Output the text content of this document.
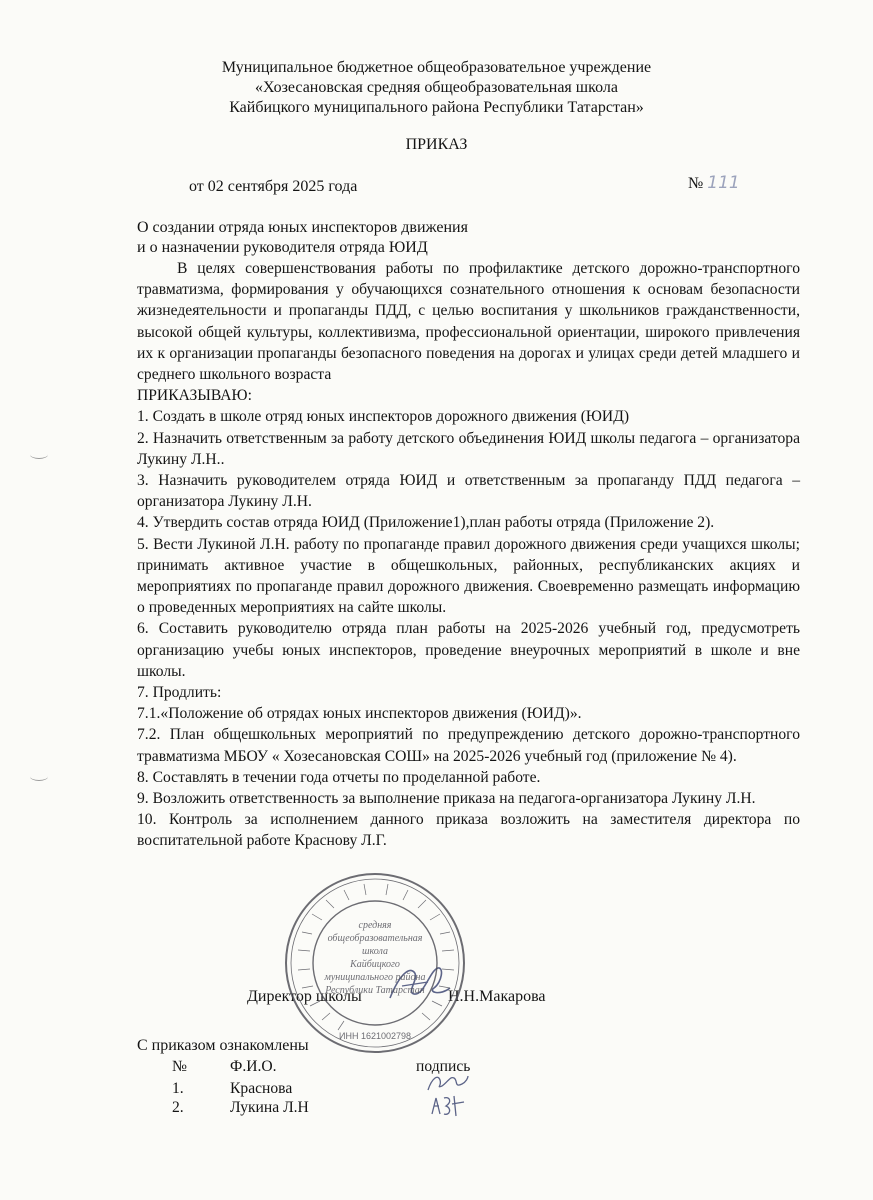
Муниципальное бюджетное общеобразовательное учреждение
«Хозесановская средняя общеобразовательная школа
Кайбицкого муниципального района Республики Татарстан»
ПРИКАЗ
от 02 сентября 2025 года	№ 111
О создании отряда юных инспекторов движения
и о назначении руководителя отряда ЮИД

В целях совершенствования работы по профилактике детского дорожно-транспортного травматизма, формирования у обучающихся сознательного отношения к основам безопасности жизнедеятельности и пропаганды ПДД, с целью воспитания у школьников гражданственности, высокой общей культуры, коллективизма, профессиональной ориентации, широкого привлечения их к организации пропаганды безопасного поведения на дорогах и улицах среди детей младшего и среднего школьного возраста

ПРИКАЗЫВАЮ:

1. Создать в школе отряд юных инспекторов дорожного движения (ЮИД)

2. Назначить ответственным за работу детского объединения ЮИД школы педагога – организатора Лукину Л.Н..

3. Назначить руководителем отряда ЮИД и ответственным за пропаганду ПДД педагога – организатора Лукину Л.Н.

4. Утвердить состав отряда ЮИД (Приложение1),план работы отряда (Приложение 2).

5. Вести Лукиной Л.Н. работу по пропаганде правил дорожного движения среди учащихся школы; принимать активное участие в общешкольных, районных, республиканских акциях и мероприятиях по пропаганде правил дорожного движения. Своевременно размещать информацию о проведенных мероприятиях на сайте школы.

6. Составить руководителю отряда план работы на 2025-2026 учебный год, предусмотреть организацию учебы юных инспекторов, проведение внеурочных мероприятий в школе и вне школы.

7. Продлить:

7.1.«Положение об отрядах юных инспекторов движения (ЮИД)».

7.2. План общешкольных мероприятий по предупреждению детского дорожно-транспортного травматизма МБОУ « Хозесановская СОШ» на 2025-2026 учебный год (приложение № 4).

8. Составлять в течении года отчеты по проделанной работе.

9. Возложить ответственность за выполнение приказа на педагога-организатора Лукину Л.Н.

10. Контроль за исполнением данного приказа возложить на заместителя директора по воспитательной работе Краснову Л.Г.

Директор школы	Н.Н.Макарова
средняя
общеобразовательная
школа
Кайбицкого
муниципального района
Республики Татарстан
ИНН 1621002798
С приказом ознакомлены
№	Ф.И.О.	подпись
1.	Краснова
2.	Лукина Л.Н
